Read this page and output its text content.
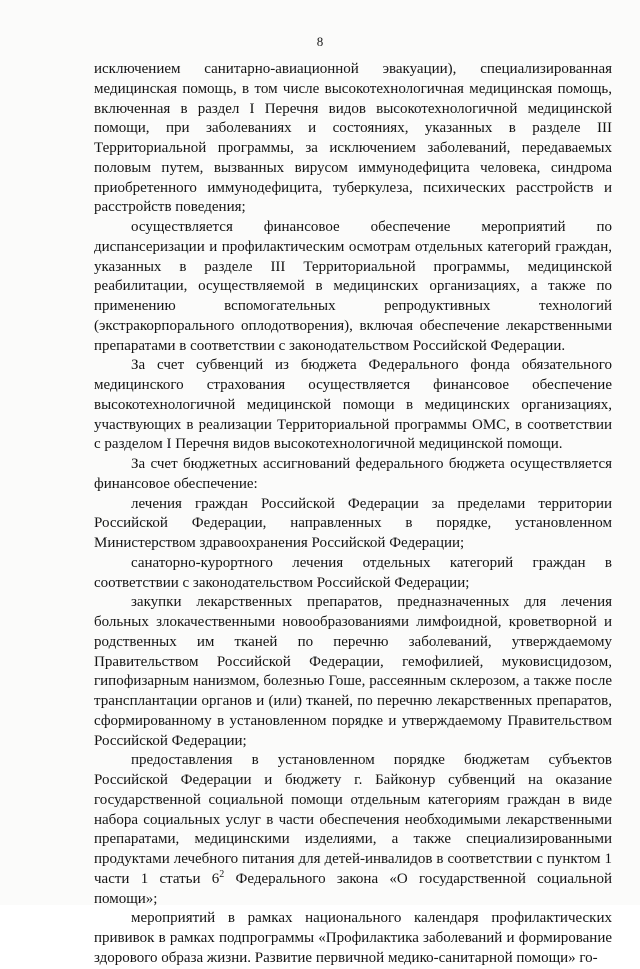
8

исключением санитарно-авиационной эвакуации), специализированная медицинская помощь, в том числе высокотехнологичная медицинская помощь, включенная в раздел I Перечня видов высокотехнологичной медицинской помощи, при заболеваниях и состояниях, указанных в разделе III Территориальной программы, за исключением заболеваний, передаваемых половым путем, вызванных вирусом иммунодефицита человека, синдрома приобретенного иммунодефицита, туберкулеза, психических расстройств и расстройств поведения;

осуществляется финансовое обеспечение мероприятий по диспансеризации и профилактическим осмотрам отдельных категорий граждан, указанных в разделе III Территориальной программы, медицинской реабилитации, осуществляемой в медицинских организациях, а также по применению вспомогательных репродуктивных технологий (экстракорпорального оплодотворения), включая обеспечение лекарственными препаратами в соответствии с законодательством Российской Федерации.

За счет субвенций из бюджета Федерального фонда обязательного медицинского страхования осуществляется финансовое обеспечение высокотехнологичной медицинской помощи в медицинских организациях, участвующих в реализации Территориальной программы ОМС, в соответствии с разделом I Перечня видов высокотехнологичной медицинской помощи.

За счет бюджетных ассигнований федерального бюджета осуществляется финансовое обеспечение:

лечения граждан Российской Федерации за пределами территории Российской Федерации, направленных в порядке, установленном Министерством здравоохранения Российской Федерации;

санаторно-курортного лечения отдельных категорий граждан в соответствии с законодательством Российской Федерации;

закупки лекарственных препаратов, предназначенных для лечения больных злокачественными новообразованиями лимфоидной, кроветворной и родственных им тканей по перечню заболеваний, утверждаемому Правительством Российской Федерации, гемофилией, муковисцидозом, гипофизарным нанизмом, болезнью Гоше, рассеянным склерозом, а также после трансплантации органов и (или) тканей, по перечню лекарственных препаратов, сформированному в установленном порядке и утверждаемому Правительством Российской Федерации;

предоставления в установленном порядке бюджетам субъектов Российской Федерации и бюджету г. Байконур субвенций на оказание государственной социальной помощи отдельным категориям граждан в виде набора социальных услуг в части обеспечения необходимыми лекарственными препаратами, медицинскими изделиями, а также специализированными продуктами лечебного питания для детей-инвалидов в соответствии с пунктом 1 части 1 статьи $6^2$ Федерального закона «О государственной социальной помощи»;

мероприятий в рамках национального календаря профилактических прививок в рамках подпрограммы «Профилактика заболеваний и формирование здорового образа жизни. Развитие первичной медико-санитарной помощи» го-
